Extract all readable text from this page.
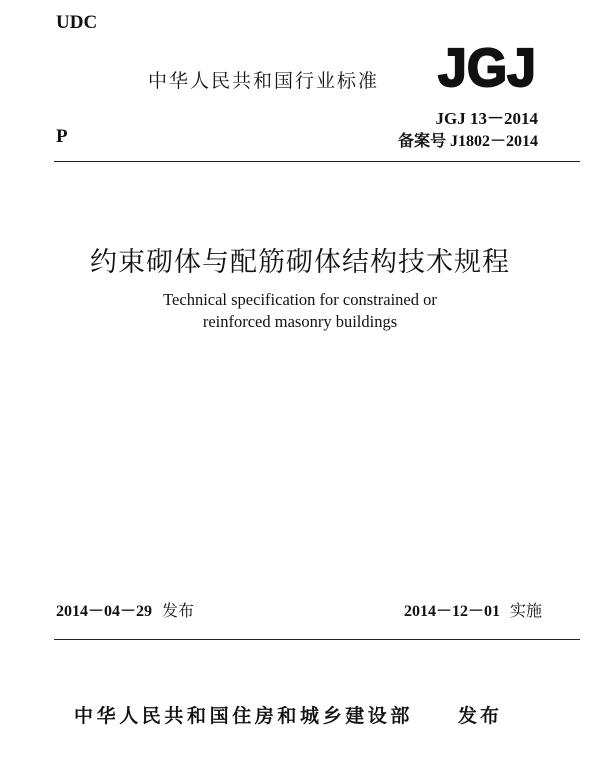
UDC
中华人民共和国行业标准 JGJ
JGJ 13－2014
P	备案号 J1802－2014
约束砌体与配筋砌体结构技术规程
Technical specification for constrained or
reinforced masonry buildings
2014－04－29 发布	2014－12－01 实施
中华人民共和国住房和城乡建设部 发布
